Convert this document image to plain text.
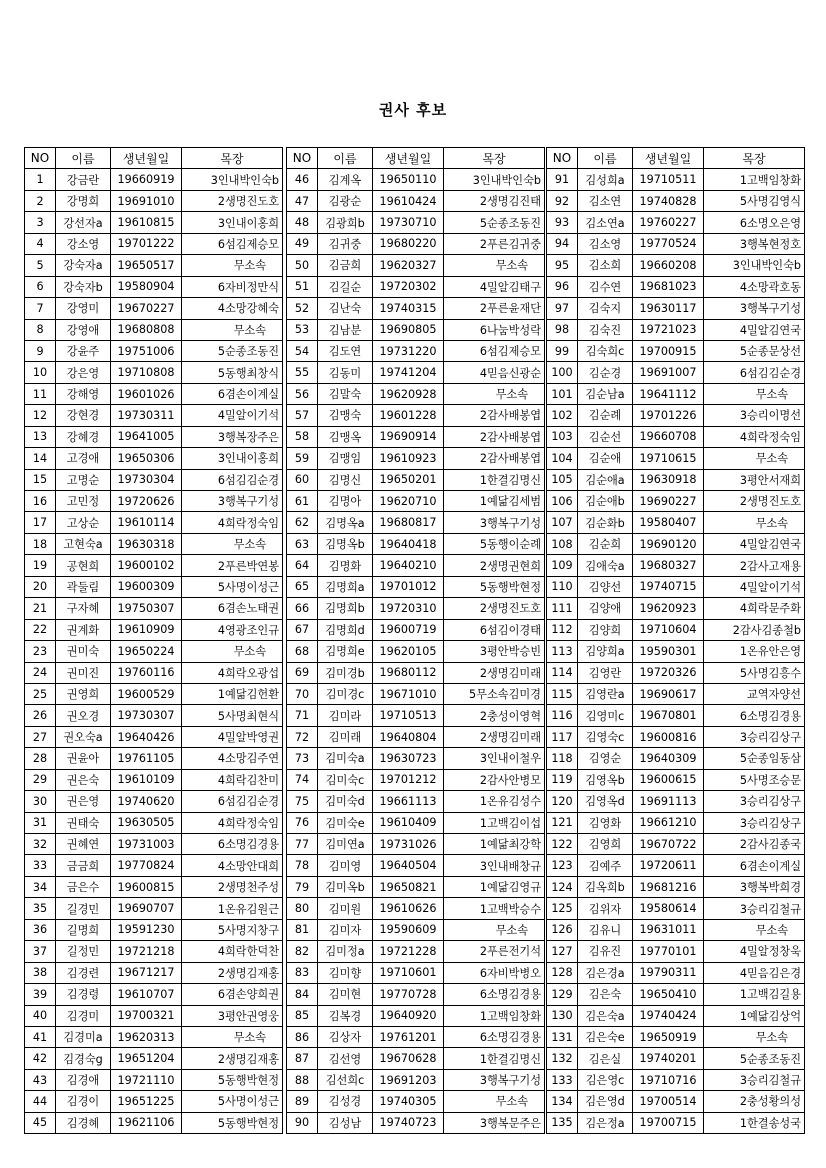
권사 후보
NO	이름	생년월일	목장
1	강금란	19660919	3인내박인숙b
2	강명희	19691010	2생명진도호
3	강선자a	19610815	3인내이홍희
4	강소영	19701222	6섬김제승모
5	강숙자a	19650517	무소속
6	강숙자b	19580904	6자비정만식
7	강영미	19670227	4소망강혜숙
8	강영애	19680808	무소속
9	강윤주	19751006	5순종조동진
10	강은영	19710808	5동행최창식
11	강해영	19601026	6겸손이계실
12	강현경	19730311	4밀알이기석
13	강혜경	19641005	3행복장주은
14	고경애	19650306	3인내이홍희
15	고명순	19730304	6섬김김순경
16	고민정	19720626	3행복구기성
17	고상순	19610114	4희락정숙임
18	고현숙a	19630318	무소속
19	공현희	19600102	2푸른박연봉
20	곽둘림	19600309	5사명이성근
21	구자혜	19750307	6겸손노태권
22	권계화	19610909	4영광조인규
23	권미숙	19650224	무소속
24	권미진	19760116	4희락오광섭
25	권영희	19600529	1예닮김헌환
26	권오경	19730307	5사명최현식
27	권오숙a	19640426	4밀알박영권
28	권윤아	19761105	4소망김주연
29	권은숙	19610109	4희락김찬미
30	권은영	19740620	6섬김김순경
31	권태숙	19630505	4희락정숙임
32	권혜연	19731003	6소명김경용
33	금금희	19770824	4소망안대희
34	금은수	19600815	2생명천주성
35	길경민	19690707	1온유김원근
36	길명희	19591230	5사명지창구
37	길정민	19721218	4희락한덕찬
38	김경련	19671217	2생명김재홍
39	김경령	19610707	6겸손양희권
40	김경미	19700321	3평안권영웅
41	김경미a	19620313	무소속
42	김경숙g	19651204	2생명김재홍
43	김경애	19721110	5동행박현정
44	김경이	19651225	5사명이성근
45	김경혜	19621106	5동행박현정
NO	이름	생년월일	목장
46	김계옥	19650110	3인내박인숙b
47	김광순	19610424	2생명김진태
48	김광희b	19730710	5순종조동진
49	김귀중	19680220	2푸른김귀중
50	김금희	19620327	무소속
51	김길순	19720302	4밀알김태구
52	김난숙	19740315	2푸른윤재단
53	김남분	19690805	6나눔박성락
54	김도연	19731220	6섬김제승모
55	김동미	19741204	4믿음신광순
56	김말숙	19620928	무소속
57	김맹숙	19601228	2감사배봉엽
58	김맹옥	19690914	2감사배봉엽
59	김맹임	19610923	2감사배봉엽
60	김명신	19650201	1한결김명신
61	김명아	19620710	1예닮김세범
62	김명옥a	19680817	3행복구기성
63	김명옥b	19640418	5동행이순례
64	김명화	19640210	2생명권현희
65	김명희a	19701012	5동행박현정
66	김명희b	19720310	2생명진도호
67	김명희d	19600719	6섬김이경태
68	김명희e	19620105	3평안박승빈
69	김미경b	19680112	2생명김미래
70	김미경c	19671010	5무소속김미경
71	김미라	19710513	2충성이영혁
72	김미래	19640804	2생명김미래
73	김미숙a	19630723	3인내이철우
74	김미숙c	19701212	2감사안병모
75	김미숙d	19661113	1온유김성수
76	김미숙e	19610409	1고백김이섭
77	김미연a	19731026	1예닮최강학
78	김미영	19640504	3인내배창규
79	김미옥b	19650821	1예닮김영규
80	김미원	19610626	1고백박승수
81	김미자	19590609	무소속
82	김미정a	19721228	2푸른전기석
83	김미향	19710601	6자비박병오
84	김미현	19770728	6소명김경용
85	김복경	19640920	1고백임창화
86	김상자	19761201	6소명김경용
87	김선영	19670628	1한결김명신
88	김선희c	19691203	3행복구기성
89	김성경	19740305	무소속
90	김성남	19740723	3행복문주은
NO	이름	생년월일	목장
91	김성희a	19710511	1고백임창화
92	김소연	19740828	5사명김영식
93	김소연a	19760227	6소명오은영
94	김소영	19770524	3행복현정호
95	김소희	19660208	3인내박인숙b
96	김수연	19681023	4소망곽호동
97	김숙지	19630117	3행복구기성
98	김숙진	19721023	4밀알김연국
99	김숙희c	19700915	5순종문상선
100	김순경	19691007	6섬김김순경
101	김순남a	19641112	무소속
102	김순례	19701226	3승리이명선
103	김순선	19660708	4희락정숙임
104	김순애	19710615	무소속
105	김순애a	19630918	3평안서재희
106	김순애b	19690227	2생명진도호
107	김순화b	19580407	무소속
108	김순희	19690120	4밀알김연국
109	김애숙a	19680327	2감사고재용
110	김양선	19740715	4밀알이기석
111	김양애	19620923	4희락문주화
112	김양희	19710604	2감사김종철b
113	김양희a	19590301	1온유안은영
114	김영란	19720326	5사명김흥수
115	김영란a	19690617	교역자양선
116	김영미c	19670801	6소명김경용
117	김영숙c	19600816	3승리김상구
118	김영순	19640309	5순종임동삼
119	김영옥b	19600615	5사명조승문
120	김영옥d	19691113	3승리김상구
121	김영화	19661210	3승리김상구
122	김영희	19670722	2감사김종국
123	김예주	19720611	6겸손이계실
124	김옥희b	19681216	3행복박희경
125	김위자	19580614	3승리김철규
126	김유니	19631011	무소속
127	김유진	19770101	4밀알정창욱
128	김은경a	19790311	4믿음김은경
129	김은숙	19650410	1고백김길용
130	김은숙a	19740424	1예닮김상억
131	김은숙e	19650919	무소속
132	김은실	19740201	5순종조동진
133	김은영c	19710716	3승리김철규
134	김은영d	19700514	2충성황의성
135	김은정a	19700715	1한결송성국
